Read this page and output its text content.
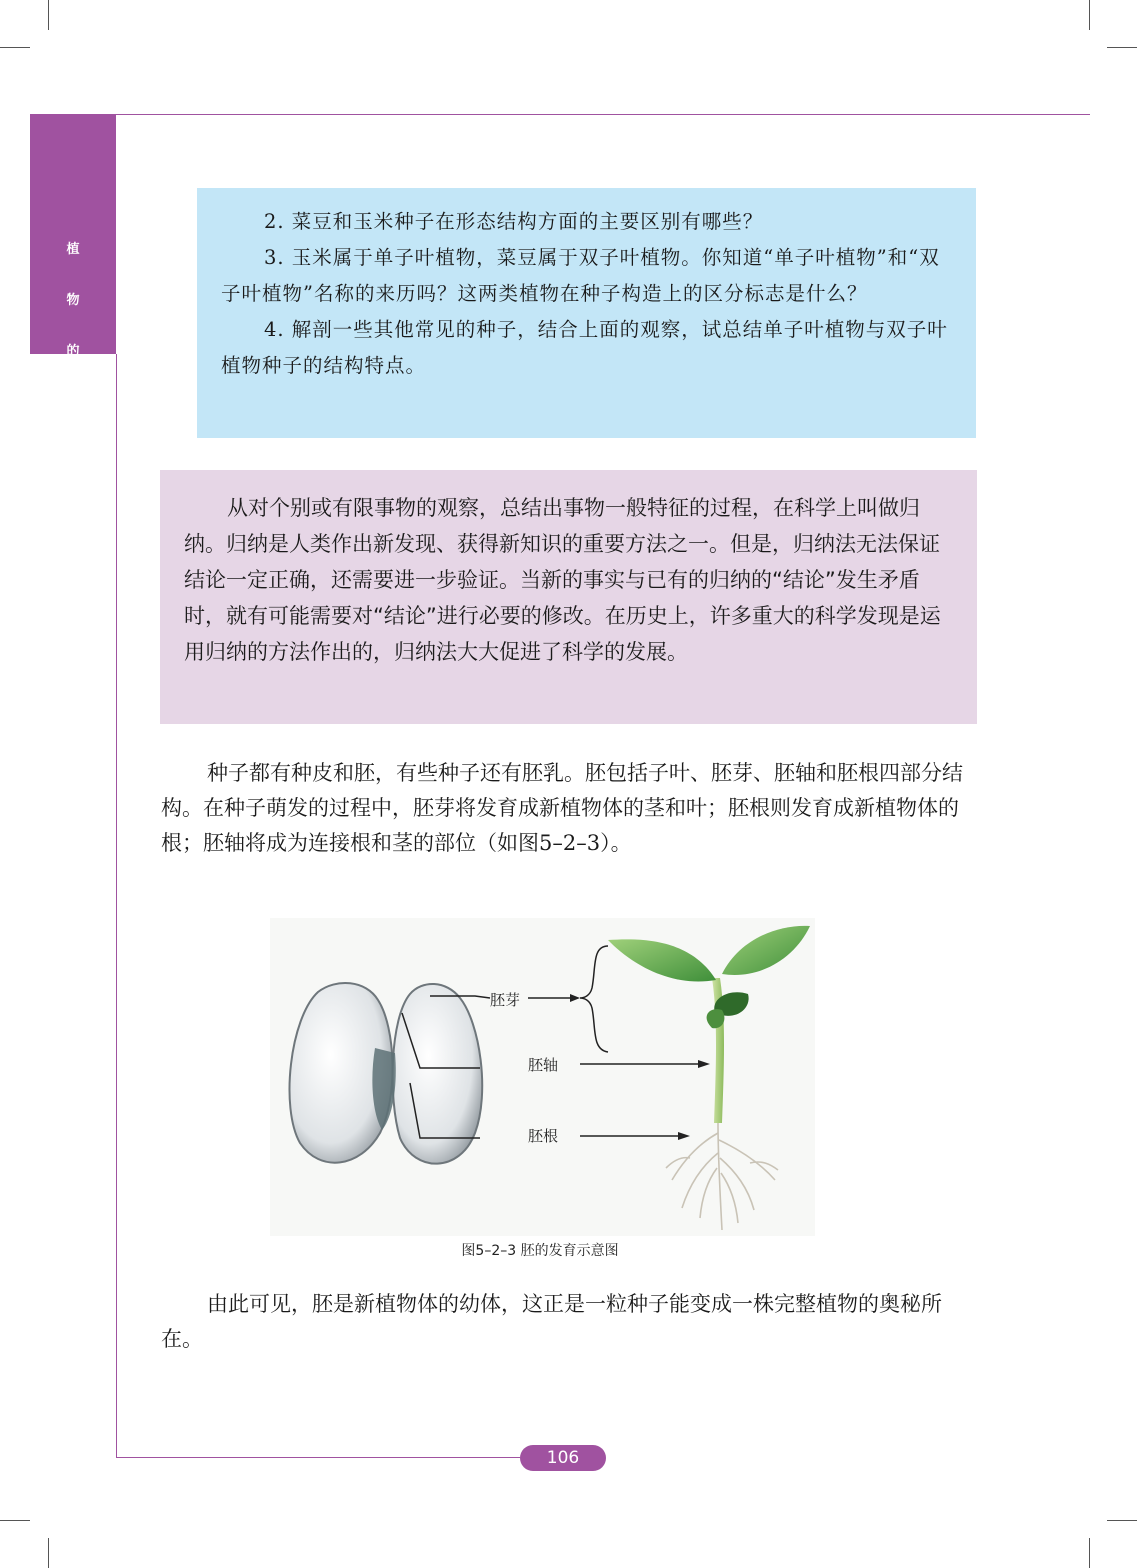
植
物
的
繁
殖

2. 菜豆和玉米种子在形态结构方面的主要区别有哪些？

3. 玉米属于单子叶植物，菜豆属于双子叶植物。你知道“单子叶植物”和“双子叶植物”名称的来历吗？这两类植物在种子构造上的区分标志是什么？

4. 解剖一些其他常见的种子，结合上面的观察，试总结单子叶植物与双子叶植物种子的结构特点。

从对个别或有限事物的观察，总结出事物一般特征的过程，在科学上叫做归纳。归纳是人类作出新发现、获得新知识的重要方法之一。但是，归纳法无法保证结论一定正确，还需要进一步验证。当新的事实与已有的归纳的“结论”发生矛盾时，就有可能需要对“结论”进行必要的修改。在历史上，许多重大的科学发现是运用归纳的方法作出的，归纳法大大促进了科学的发展。

种子都有种皮和胚，有些种子还有胚乳。胚包括子叶、胚芽、胚轴和胚根四部分结构。在种子萌发的过程中，胚芽将发育成新植物体的茎和叶；胚根则发育成新植物体的根；胚轴将成为连接根和茎的部位（如图5–2–3）。

胚芽
胚轴
胚根
图5–2–3 胚的发育示意图

由此可见，胚是新植物体的幼体，这正是一粒种子能变成一株完整植物的奥秘所在。

106
